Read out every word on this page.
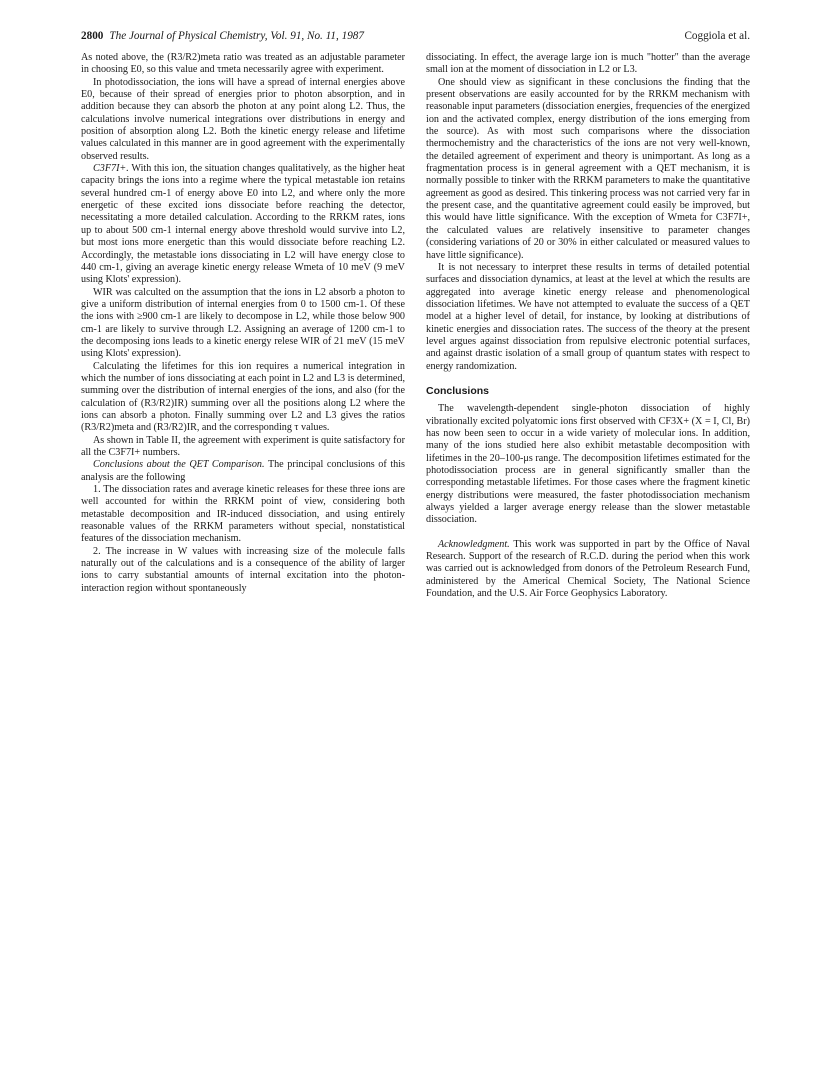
2800 The Journal of Physical Chemistry, Vol. 91, No. 11, 1987	Coggiola et al.

As noted above, the (R3/R2)meta ratio was treated as an adjustable parameter in choosing E0, so this value and τmeta necessarily agree with experiment.

In photodissociation, the ions will have a spread of internal energies above E0, because of their spread of energies prior to photon absorption, and in addition because they can absorb the photon at any point along L2. Thus, the calculations involve numerical integrations over distributions in energy and position of absorption along L2. Both the kinetic energy release and lifetime values calculated in this manner are in good agreement with the experimentally observed results.

C3F7I+. With this ion, the situation changes qualitatively, as the higher heat capacity brings the ions into a regime where the typical metastable ion retains several hundred cm-1 of energy above E0 into L2, and where only the more energetic of these excited ions dissociate before reaching the detector, necessitating a more detailed calculation. According to the RRKM rates, ions up to about 500 cm-1 internal energy above threshold would survive into L2, but most ions more energetic than this would dissociate before reaching L2. Accordingly, the metastable ions dissociating in L2 will have energy close to 440 cm-1, giving an average kinetic energy release Wmeta of 10 meV (9 meV using Klots' expression).

WIR was calculted on the assumption that the ions in L2 absorb a photon to give a uniform distribution of internal energies from 0 to 1500 cm-1. Of these the ions with ≥900 cm-1 are likely to decompose in L2, while those below 900 cm-1 are likely to survive through L2. Assigning an average of 1200 cm-1 to the decomposing ions leads to a kinetic energy relese WIR of 21 meV (15 meV using Klots' expression).

Calculating the lifetimes for this ion requires a numerical integration in which the number of ions dissociating at each point in L2 and L3 is determined, summing over the distribution of internal energies of the ions, and also (for the calculation of (R3/R2)IR) summing over all the positions along L2 where the ions can absorb a photon. Finally summing over L2 and L3 gives the ratios (R3/R2)meta and (R3/R2)IR, and the corresponding τ values.

As shown in Table II, the agreement with experiment is quite satisfactory for all the C3F7I+ numbers.

Conclusions about the QET Comparison. The principal conclusions of this analysis are the following

1. The dissociation rates and average kinetic releases for these three ions are well accounted for within the RRKM point of view, considering both metastable decomposition and IR-induced dissociation, and using entirely reasonable values of the RRKM parameters without special, nonstatistical features of the dissociation mechanism.

2. The increase in W values with increasing size of the molecule falls naturally out of the calculations and is a consequence of the ability of larger ions to carry substantial amounts of internal excitation into the photon-interaction region without spontaneously

dissociating. In effect, the average large ion is much "hotter" than the average small ion at the moment of dissociation in L2 or L3.

One should view as significant in these conclusions the finding that the present observations are easily accounted for by the RRKM mechanism with reasonable input parameters (dissociation energies, frequencies of the energized ion and the activated complex, energy distribution of the ions emerging from the source). As with most such comparisons where the dissociation thermochemistry and the characteristics of the ions are not very well-known, the detailed agreement of experiment and theory is unimportant. As long as a fragmentation process is in general agreement with a QET mechanism, it is normally possible to tinker with the RRKM parameters to make the quantitative agreement as good as desired. This tinkering process was not carried very far in the present case, and the quantitative agreement could easily be improved, but this would have little significance. With the exception of Wmeta for C3F7I+, the calculated values are relatively insensitive to parameter changes (considering variations of 20 or 30% in either calculated or measured values to have little significance).

It is not necessary to interpret these results in terms of detailed potential surfaces and dissociation dynamics, at least at the level at which the results are aggregated into average kinetic energy release and phenomenological dissociation lifetimes. We have not attempted to evaluate the success of a QET model at a higher level of detail, for instance, by looking at distributions of kinetic energies and dissociation rates. The success of the theory at the present level argues against dissociation from repulsive electronic potential surfaces, and against drastic isolation of a small group of quantum states with respect to energy randomization.

Conclusions

The wavelength-dependent single-photon dissociation of highly vibrationally excited polyatomic ions first observed with CF3X+ (X = I, Cl, Br) has now been seen to occur in a wide variety of molecular ions. In addition, many of the ions studied here also exhibit metastable decomposition with lifetimes in the 20–100-μs range. The decomposition lifetimes estimated for the photodissociation process are in general significantly smaller than the corresponding metastable lifetimes. For those cases where the fragment kinetic energy distributions were measured, the faster photodissociation mechanism always yielded a larger average energy release than the slower metastable dissociation.

Acknowledgment. This work was supported in part by the Office of Naval Research. Support of the research of R.C.D. during the period when this work was carried out is acknowledged from donors of the Petroleum Research Fund, administered by the Americal Chemical Society, The National Science Foundation, and the U.S. Air Force Geophysics Laboratory.
